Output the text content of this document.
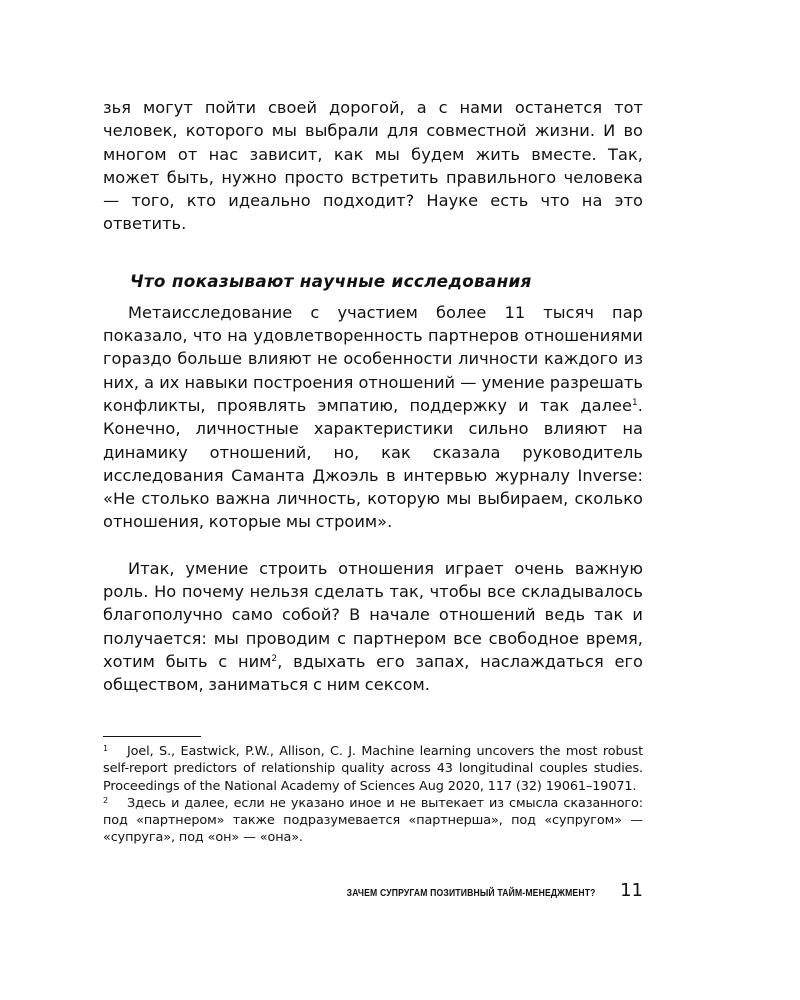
зья могут пойти своей дорогой, а с нами останется тот человек, которого мы выбрали для совместной жизни. И во многом от нас зависит, как мы будем жить вместе. Так, может быть, нужно просто встретить правильного человека — того, кто идеально подходит? Науке есть что на это ответить.

Что показывают научные исследования

Метаисследование с участием более 11 тысяч пар показало, что на удовлетворенность партнеров отношениями гораздо больше влияют не особенности личности каждого из них, а их навыки построения отношений — умение разрешать конфликты, проявлять эмпатию, поддержку и так далее$^1$. Конечно, личностные характеристики сильно влияют на динамику отношений, но, как сказала руководитель исследования Саманта Джоэль в интервью журналу Inverse: «Не столько важна личность, которую мы выбираем, сколько отношения, которые мы строим».

Итак, умение строить отношения играет очень важную роль. Но почему нельзя сделать так, чтобы все складывалось благополучно само собой? В начале отношений ведь так и получается: мы проводим с партнером все свободное время, хотим быть с ним$^2$, вдыхать его запах, наслаждаться его обществом, заниматься с ним сексом.

$^1$ Joel, S., Eastwick, P.W., Allison, C. J. Machine learning uncovers the most robust self-report predictors of relationship quality across 43 longitudinal couples studies. Proceedings of the National Academy of Sciences Aug 2020, 117 (32) 19061–19071.

$^2$ Здесь и далее, если не указано иное и не вытекает из смысла сказанного: под «партнером» также подразумевается «партнерша», под «супругом» — «супруга», под «он» — «она».

ЗАЧЕМ СУПРУГАМ ПОЗИТИВНЫЙ ТАЙМ-МЕНЕДЖМЕНТ? 11
